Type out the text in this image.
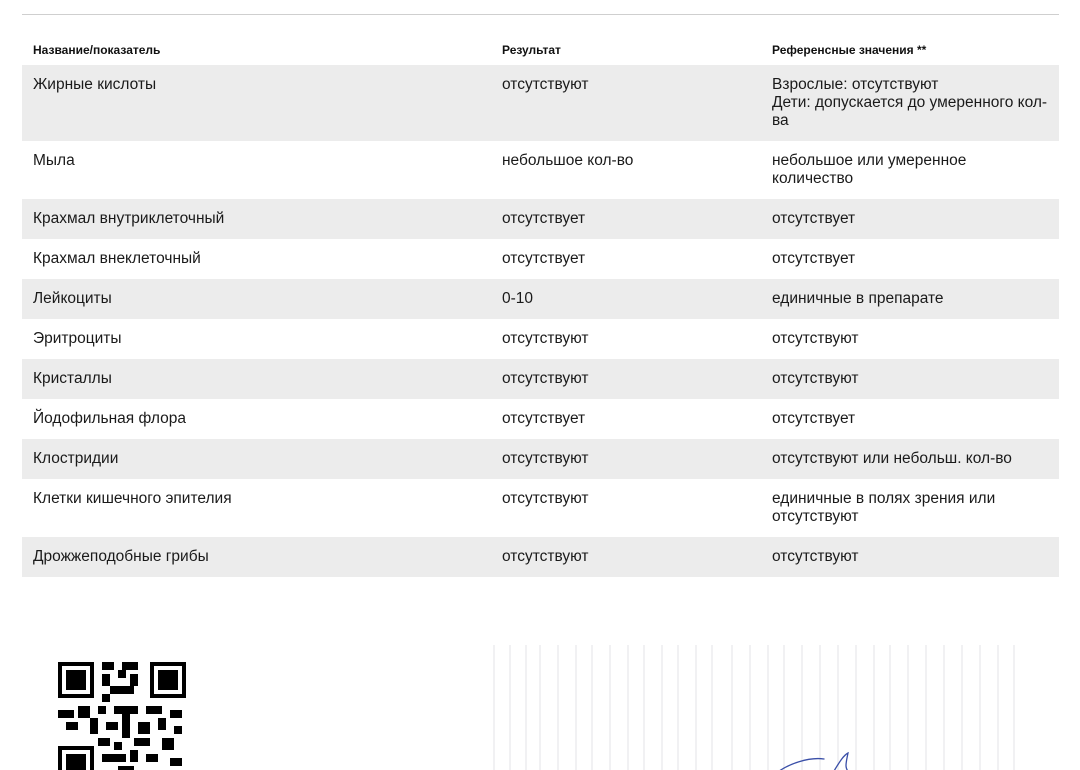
Название/показатель	Результат	Референсные значения **

Жирные кислоты	отсутствуют	Взрослые: отсутствуют
Дети: допускается до умеренного кол-ва

Мыла	небольшое кол-во	небольшое или умеренное количество

Крахмал внутриклеточный	отсутствует	отсутствует

Крахмал внеклеточный	отсутствует	отсутствует

Лейкоциты	0-10	единичные в препарате

Эритроциты	отсутствуют	отсутствуют

Кристаллы	отсутствуют	отсутствуют

Йодофильная флора	отсутствует	отсутствует

Клостридии	отсутствуют	отсутствуют или небольш. кол-во

Клетки кишечного эпителия	отсутствуют	единичные в полях зрения или отсутствуют

Дрожжеподобные грибы	отсутствуют	отсутствуют
